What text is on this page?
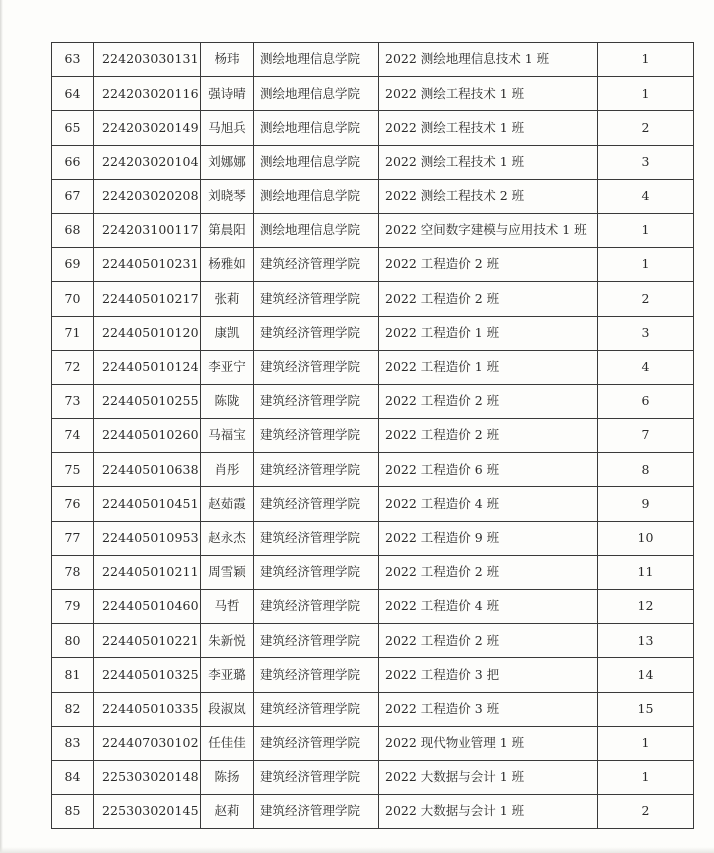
63	224203030131	杨玮	测绘地理信息学院	2022 测绘地理信息技术 1 班	1
64	224203020116	强诗晴	测绘地理信息学院	2022 测绘工程技术 1 班	1
65	224203020149	马旭兵	测绘地理信息学院	2022 测绘工程技术 1 班	2
66	224203020104	刘娜娜	测绘地理信息学院	2022 测绘工程技术 1 班	3
67	224203020208	刘晓琴	测绘地理信息学院	2022 测绘工程技术 2 班	4
68	224203100117	第晨阳	测绘地理信息学院	2022 空间数字建模与应用技术 1 班	1
69	224405010231	杨雅如	建筑经济管理学院	2022 工程造价 2 班	1
70	224405010217	张莉	建筑经济管理学院	2022 工程造价 2 班	2
71	224405010120	康凯	建筑经济管理学院	2022 工程造价 1 班	3
72	224405010124	李亚宁	建筑经济管理学院	2022 工程造价 1 班	4
73	224405010255	陈陇	建筑经济管理学院	2022 工程造价 2 班	6
74	224405010260	马福宝	建筑经济管理学院	2022 工程造价 2 班	7
75	224405010638	肖彤	建筑经济管理学院	2022 工程造价 6 班	8
76	224405010451	赵茹霞	建筑经济管理学院	2022 工程造价 4 班	9
77	224405010953	赵永杰	建筑经济管理学院	2022 工程造价 9 班	10
78	224405010211	周雪颖	建筑经济管理学院	2022 工程造价 2 班	11
79	224405010460	马哲	建筑经济管理学院	2022 工程造价 4 班	12
80	224405010221	朱新悦	建筑经济管理学院	2022 工程造价 2 班	13
81	224405010325	李亚璐	建筑经济管理学院	2022 工程造价 3 把	14
82	224405010335	段淑岚	建筑经济管理学院	2022 工程造价 3 班	15
83	224407030102	任佳佳	建筑经济管理学院	2022 现代物业管理 1 班	1
84	225303020148	陈扬	建筑经济管理学院	2022 大数据与会计 1 班	1
85	225303020145	赵莉	建筑经济管理学院	2022 大数据与会计 1 班	2
